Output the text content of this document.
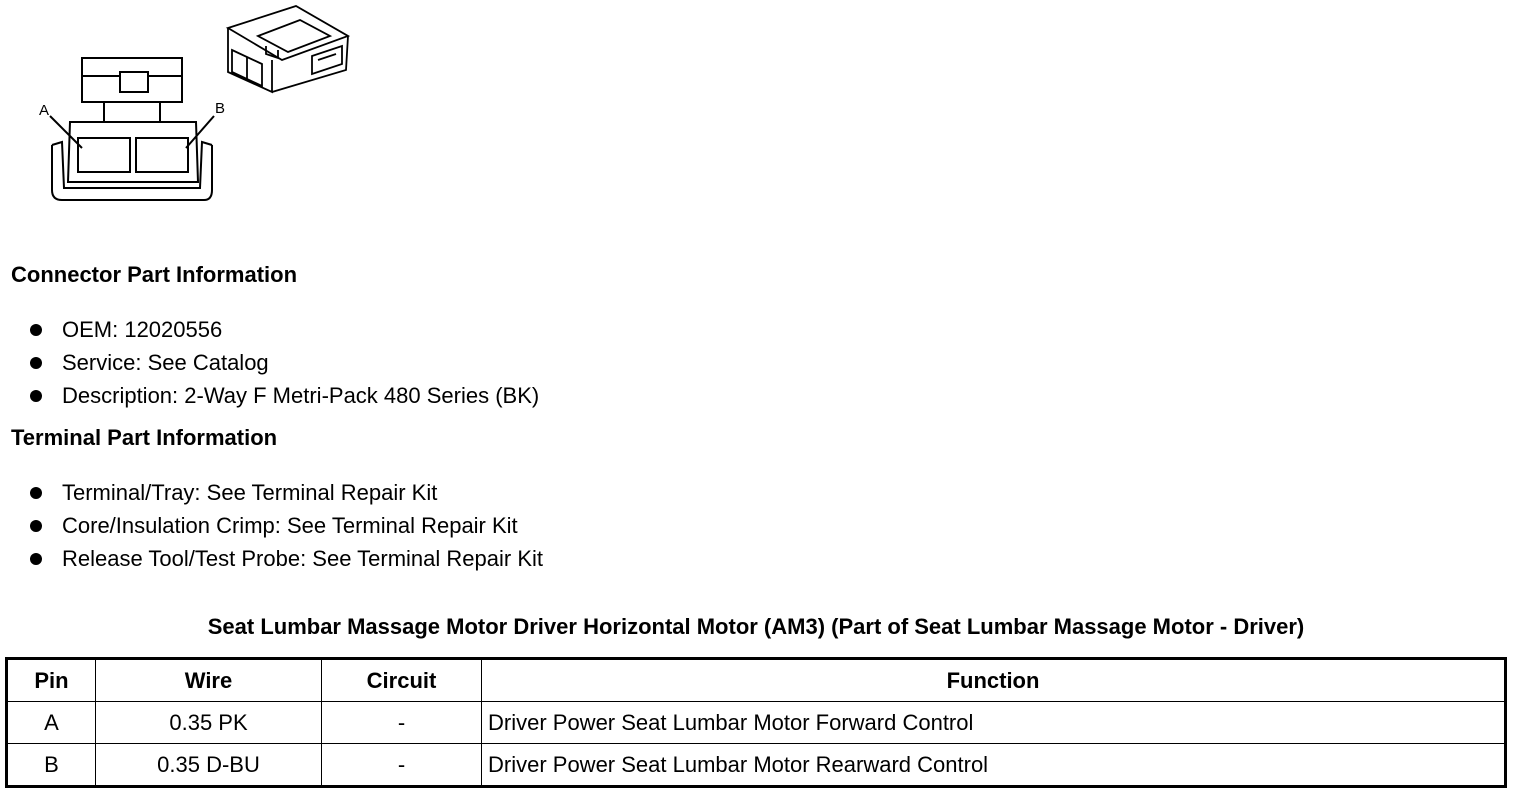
A	B
Connector Part Information
OEM: 12020556
Service: See Catalog
Description: 2-Way F Metri-Pack 480 Series (BK)
Terminal Part Information
Terminal/Tray: See Terminal Repair Kit
Core/Insulation Crimp: See Terminal Repair Kit
Release Tool/Test Probe: See Terminal Repair Kit
Seat Lumbar Massage Motor Driver Horizontal Motor (AM3) (Part of Seat Lumbar Massage Motor - Driver)
Pin	Wire	Circuit	Function
A	0.35 PK	-	Driver Power Seat Lumbar Motor Forward Control
B	0.35 D-BU	-	Driver Power Seat Lumbar Motor Rearward Control
